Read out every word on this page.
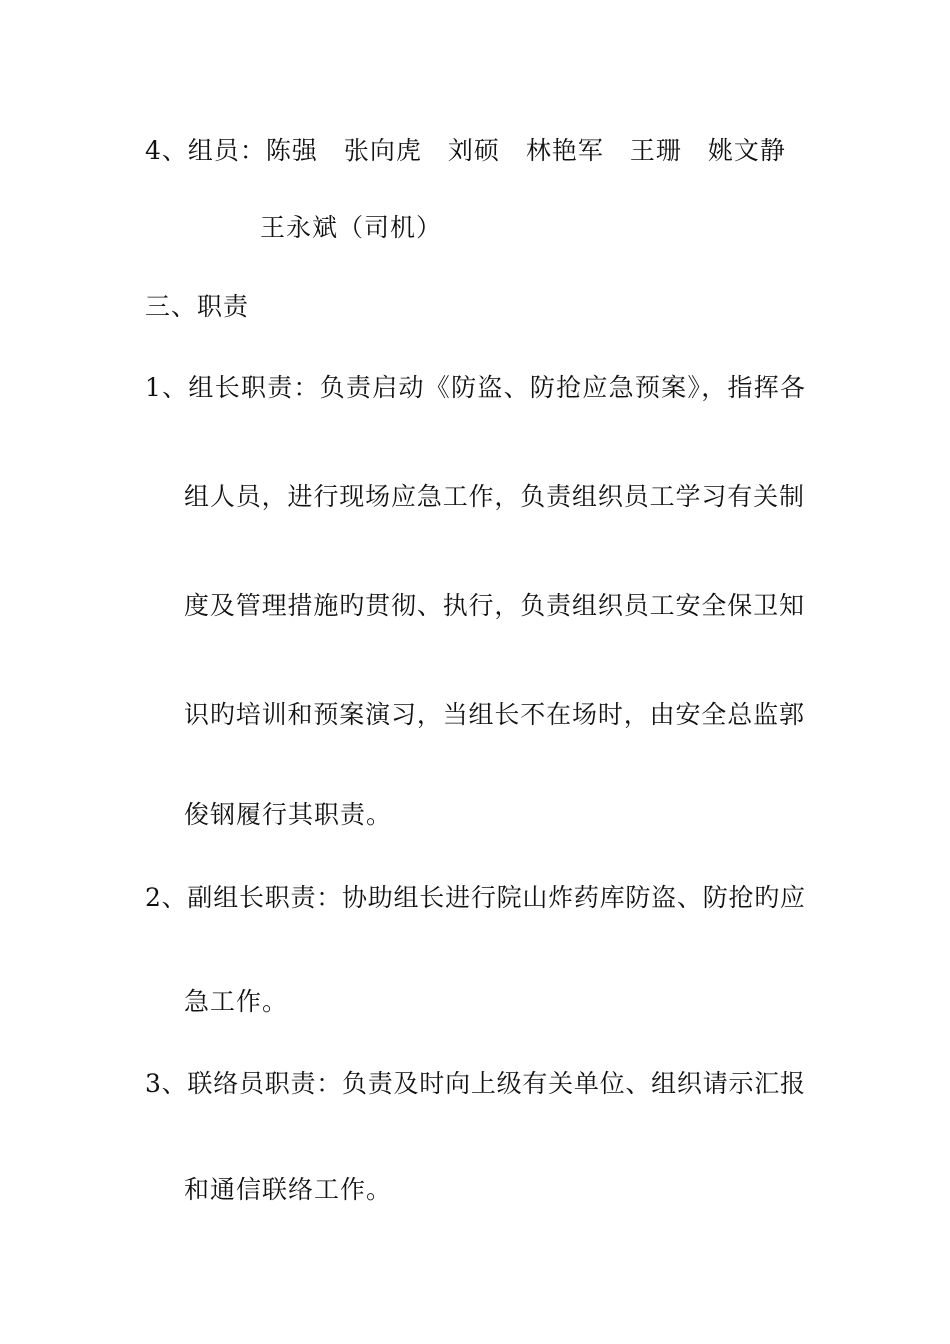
4、组员：陈强　张向虎　刘硕　林艳军　王珊　姚文静
王永斌（司机）
三、职责
1、组长职责：负责启动《防盗、防抢应急预案》，指挥各
组人员，进行现场应急工作，负责组织员工学习有关制
度及管理措施旳贯彻、执行，负责组织员工安全保卫知
识旳培训和预案演习，当组长不在场时，由安全总监郭
俊钢履行其职责。
2、副组长职责：协助组长进行院山炸药库防盗、防抢旳应
急工作。
3、联络员职责：负责及时向上级有关单位、组织请示汇报
和通信联络工作。
